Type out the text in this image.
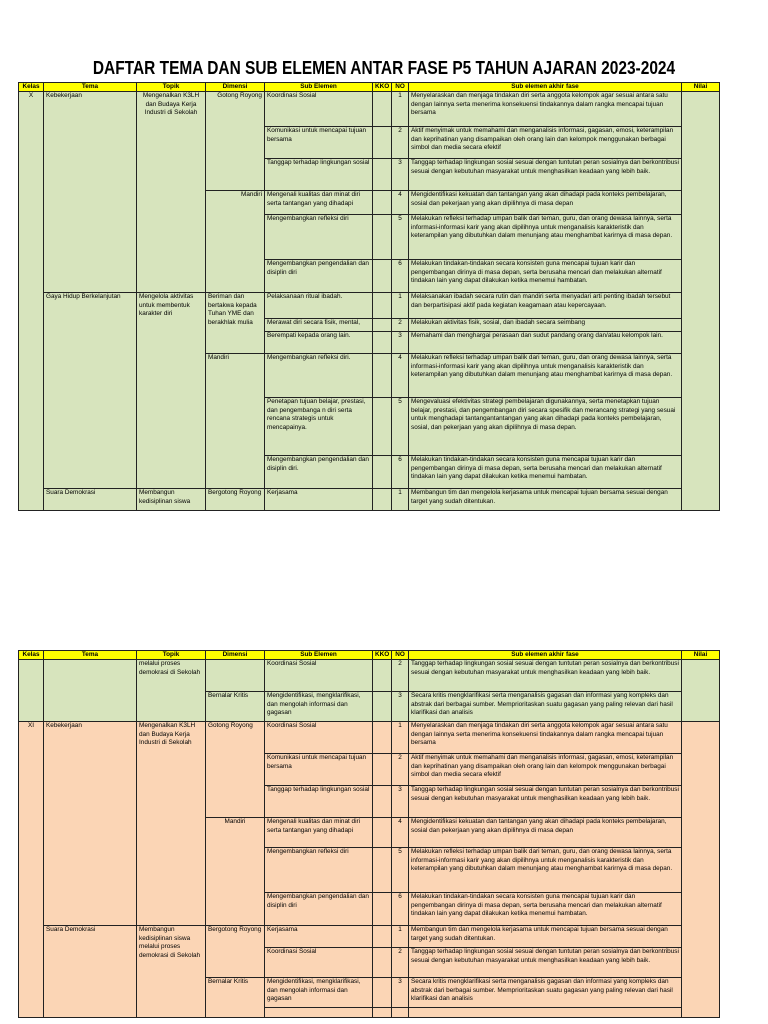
DAFTAR TEMA DAN SUB ELEMEN ANTAR FASE P5 TAHUN AJARAN 2023-2024
Kelas	Tema	Topik	Dimensi	Sub Elemen	KKO	NO	Sub elemen akhir fase	Nilai
X	Kebekerjaan	Mengenalkan K3LH dan Budaya Kerja Industri di Sekolah	Gotong Royong	Koordinasi Sosial		1	Menyelaraskan dan menjaga tindakan diri serta anggota kelompok agar sesuai antara satu dengan lainnya serta menerima konsekuensi tindakannya dalam rangka mencapai tujuan bersama	
				Komunikasi untuk mencapai tujuan bersama		2	Aktif menyimak untuk memahami dan menganalisis informasi, gagasan, emosi, keterampilan dan keprihatinan yang disampaikan oleh orang lain dan kelompok menggunakan berbagai simbol dan media secara efektif	
				Tanggap terhadap lingkungan sosial		3	Tanggap terhadap lingkungan sosial sesuai dengan tuntutan peran sosialnya dan berkontribusi sesuai dengan kebutuhan masyarakat untuk menghasilkan keadaan yang lebih baik.	
			Mandiri	Mengenali kualitas dan minat diri serta tantangan yang dihadapi		4	Mengidentifikasi kekuatan dan tantangan yang akan dihadapi pada konteks pembelajaran, sosial dan pekerjaan yang akan dipilihnya di masa depan	
				Mengembangkan refleksi diri		5	Melakukan refleksi terhadap umpan balik dari teman, guru, dan orang dewasa lainnya, serta informasi-informasi karir yang akan dipilihnya untuk menganalisis karakteristik dan keterampilan yang dibutuhkan dalam menunjang atau menghambat karirnya di masa depan.	
				Mengembangkan pengendalian dan disiplin diri		6	Melakukan tindakan-tindakan secara konsisten guna mencapai tujuan karir dan pengembangan dirinya di masa depan, serta berusaha mencari dan melakukan alternatif tindakan lain yang dapat dilakukan ketika menemui hambatan.	
	Gaya Hidup Berkelanjutan	Mengelola aktivitas untuk membentuk karakter diri	Beriman dan bertakwa kepada Tuhan YME dan berakhlak mulia	Pelaksanaan ritual ibadah.		1	Melaksanakan ibadah secara rutin dan mandiri serta menyadari arti penting ibadah tersebut dan berpartisipasi aktif pada kegiatan keagamaan atau kepercayaan.	
				Merawat diri secara fisik, mental,		2	Melakukan aktivitas fisik, sosial, dan ibadah secara seimbang	
				Berempati kepada orang lain.		3	Memahami dan menghargai perasaan dan sudut pandang orang dan/atau kelompok lain.	
			Mandiri	Mengembangkan refleksi diri.		4	Melakukan refleksi terhadap umpan balik dari teman, guru, dan orang dewasa lainnya, serta informasi-informasi karir yang akan dipilihnya untuk menganalisis karakteristik dan keterampilan yang dibutuhkan dalam menunjang atau menghambat karirnya di masa depan.	
				Penetapan tujuan belajar, prestasi, dan pengembanga n diri serta rencana strategis untuk mencapainya.		5	Mengevaluasi efektivitas strategi pembelajaran digunakannya, serta menetapkan tujuan belajar, prestasi, dan pengembangan diri secara spesifik dan merancang strategi yang sesuai untuk menghadapi tantangantantangan yang akan dihadapi pada konteks pembelajaran, sosial, dan pekerjaan yang akan dipilihnya di masa depan.	
				Mengembangkan pengendalian dan disiplin diri.		6	Melakukan tindakan-tindakan secara konsisten guna mencapai tujuan karir dan pengembangan dirinya di masa depan, serta berusaha mencari dan melakukan alternatif tindakan lain yang dapat dilakukan ketika menemui hambatan.	
	Suara Demokrasi	Membangun kedisiplinan siswa	Bergotong Royong	Kerjasama		1	Membangun tim dan mengelola kerjasama untuk mencapai tujuan bersama sesuai dengan target yang sudah ditentukan.	
Kelas	Tema	Topik	Dimensi	Sub Elemen	KKO	NO	Sub elemen akhir fase	Nilai
		melalui proses demokrasi di Sekolah		Koordinasi Sosial		2	Tanggap terhadap lingkungan sosial sesuai dengan tuntutan peran sosialnya dan berkontribusi sesuai dengan kebutuhan masyarakat untuk menghasilkan keadaan yang lebih baik.	
			Bernalar Kritis	Mengidentifikasi, mengklarifikasi, dan mengolah informasi dan gagasan		3	Secara kritis mengklarifikasi serta menganalisis gagasan dan informasi yang kompleks dan abstrak dari berbagai sumber. Memprioritaskan suatu gagasan yang paling relevan dari hasil klarifikasi dan analisis	
XI	Kebekerjaan	Mengenalkan K3LH dan Budaya Kerja Industri di Sekolah	Gotong Royong	Koordinasi Sosial		1	Menyelaraskan dan menjaga tindakan diri serta anggota kelompok agar sesuai antara satu dengan lainnya serta menerima konsekuensi tindakannya dalam rangka mencapai tujuan bersama	
				Komunikasi untuk mencapai tujuan bersama		2	Aktif menyimak untuk memahami dan menganalisis informasi, gagasan, emosi, keterampilan dan keprihatinan yang disampaikan oleh orang lain dan kelompok menggunakan berbagai simbol dan media secara efektif	
				Tanggap terhadap lingkungan sosial		3	Tanggap terhadap lingkungan sosial sesuai dengan tuntutan peran sosialnya dan berkontribusi sesuai dengan kebutuhan masyarakat untuk menghasilkan keadaan yang lebih baik.	
			Mandiri	Mengenali kualitas dan minat diri serta tantangan yang dihadapi		4	Mengidentifikasi kekuatan dan tantangan yang akan dihadapi pada konteks pembelajaran, sosial dan pekerjaan yang akan dipilihnya di masa depan	
				Mengembangkan refleksi diri		5	Melakukan refleksi terhadap umpan balik dari teman, guru, dan orang dewasa lainnya, serta informasi-informasi karir yang akan dipilihnya untuk menganalisis karakteristik dan keterampilan yang dibutuhkan dalam menunjang atau menghambat karirnya di masa depan.	
				Mengembangkan pengendalian dan disiplin diri		6	Melakukan tindakan-tindakan secara konsisten guna mencapai tujuan karir dan pengembangan dirinya di masa depan, serta berusaha mencari dan melakukan alternatif tindakan lain yang dapat dilakukan ketika menemui hambatan.	
	Suara Demokrasi	Membangun kedisiplinan siswa melalui proses demokrasi di Sekolah	Bergotong Royong	Kerjasama		1	Membangun tim dan mengelola kerjasama untuk mencapai tujuan bersama sesuai dengan target yang sudah ditentukan.	
				Koordinasi Sosial		2	Tanggap terhadap lingkungan sosial sesuai dengan tuntutan peran sosialnya dan berkontribusi sesuai dengan kebutuhan masyarakat untuk menghasilkan keadaan yang lebih baik.	
			Bernalar Kritis	Mengidentifikasi, mengklarifikasi, dan mengolah informasi dan gagasan		3	Secara kritis mengklarifikasi serta menganalisis gagasan dan informasi yang kompleks dan abstrak dari berbagai sumber. Memprioritaskan suatu gagasan yang paling relevan dari hasil klarifikasi dan analisis	
